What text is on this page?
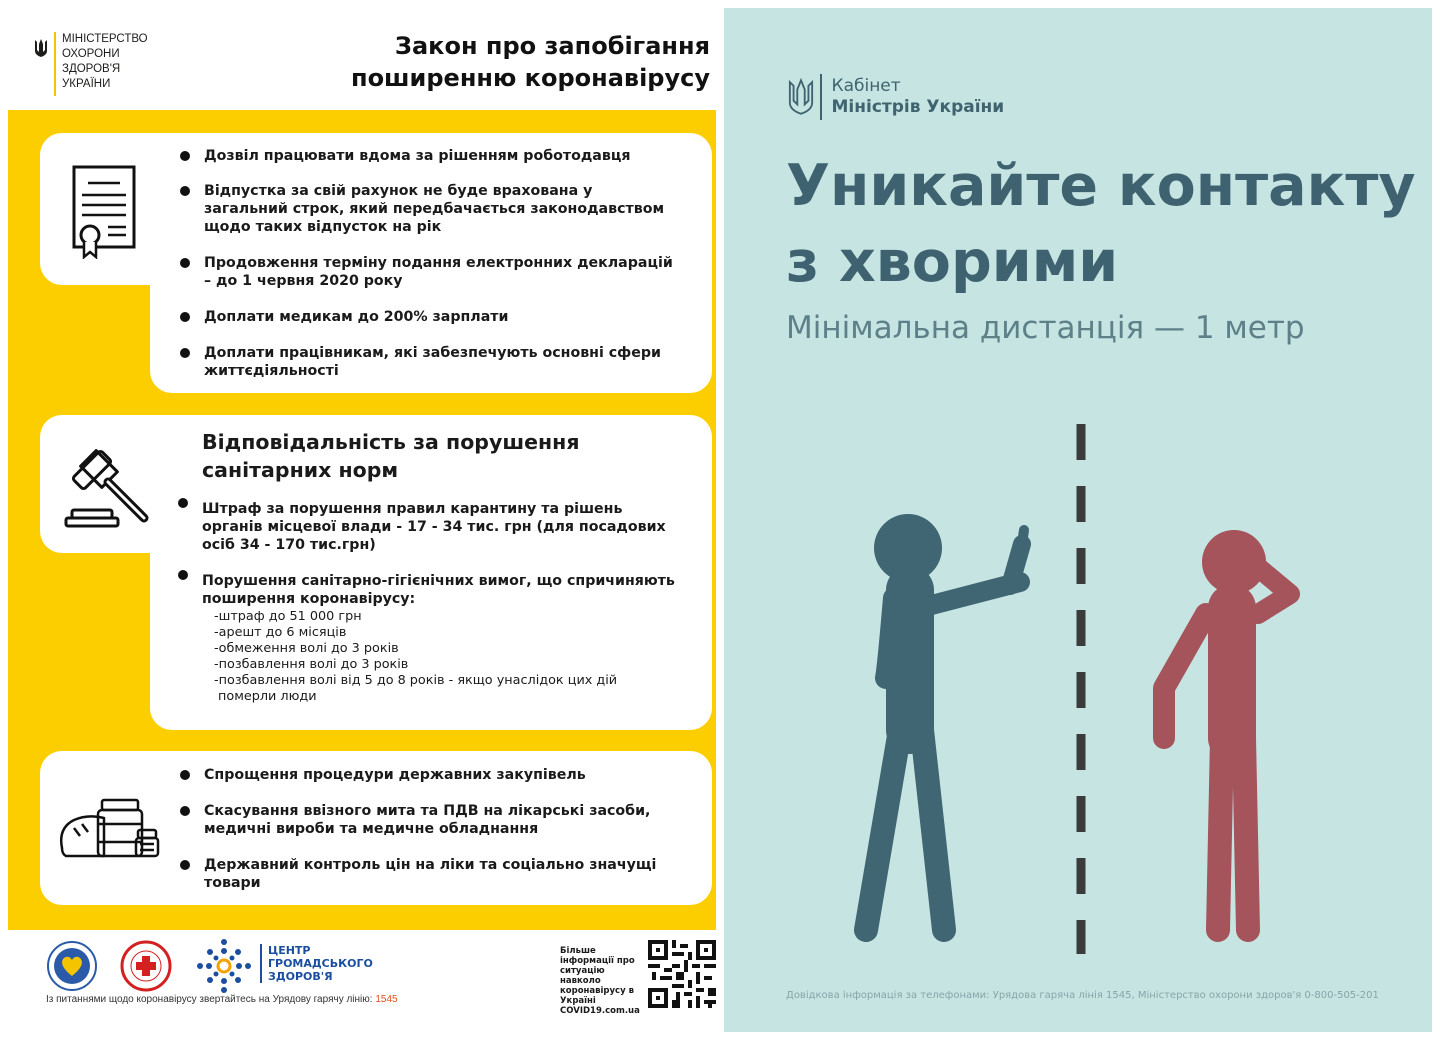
МІНІСТЕРСТВО
ОХОРОНИ
ЗДОРОВ'Я
УКРАЇНИ
Закон про запобігання
поширенню коронавірусу
Дозвіл працювати вдома за рішенням роботодавця
Відпустка за свій рахунок не буде врахована у загальний строк, який передбачається законодавством щодо таких відпусток на рік
Продовження терміну подання електронних декларацій – до 1 червня 2020 року
Доплати медикам до 200% зарплати
Доплати працівникам, які забезпечують основні сфери життєдіяльності
Відповідальність за порушення
санітарних норм
Штраф за порушення правил карантину та рішень органів місцевої влади - 17 - 34 тис. грн (для посадових осіб 34 - 170 тис.грн)
Порушення санітарно-гігієнічних вимог, що спричиняють поширення коронавірусу:
-штраф до 51 000 грн
-арешт до 6 місяців
-обмеження волі до 3 років
-позбавлення волі до 3 років
-позбавлення волі від 5 до 8 років - якщо унаслідок цих дій
померли люди
Спрощення процедури державних закупівель
Скасування ввізного мита та ПДВ на лікарські засоби, медичні вироби та медичне обладнання
Державний контроль цін на ліки та соціально значущі товари
ЦЕНТР
ГРОМАДСЬКОГО
ЗДОРОВ'Я
Із питаннями щодо коронавірусу звертайтесь на Урядову гарячу лінію: 1545
Більше
інформації про
ситуацію навколо
коронавірусу в
Україні
COVID19.com.ua
Кабінет
Міністрів України
Уникайте контакту
з хворими
Мінімальна дистанція — 1 метр
Довідкова інформація за телефонами: Урядова гаряча лінія 1545, Міністерство охорони здоров'я 0-800-505-201
